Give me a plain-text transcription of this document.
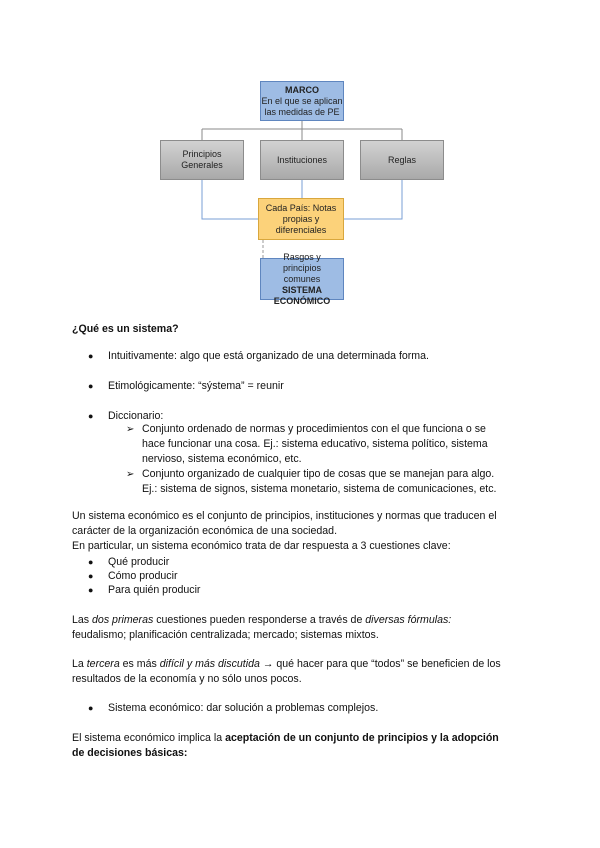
MARCO
En el que se aplican las medidas de PE
Principios Generales
Instituciones	Reglas
Cada País: Notas propias y diferenciales
Rasgos y principios comunes SISTEMA ECONÓMICO
¿Qué es un sistema?
● Intuitivamente: algo que está organizado de una determinada forma.
● Etimológicamente: “sýstema” = reunir
● Diccionario:
➢ Conjunto ordenado de normas y procedimientos con el que funciona o se
hace funcionar una cosa. Ej.: sistema educativo, sistema político, sistema
nervioso, sistema económico, etc.
➢ Conjunto organizado de cualquier tipo de cosas que se manejan para algo.
Ej.: sistema de signos, sistema monetario, sistema de comunicaciones, etc.
Un sistema económico es el conjunto de principios, instituciones y normas que traducen el
carácter de la organización económica de una sociedad.
En particular, un sistema económico trata de dar respuesta a 3 cuestiones clave:
● Qué producir
● Cómo producir
● Para quién producir
Las dos primeras cuestiones pueden responderse a través de diversas fórmulas:
feudalismo; planificación centralizada; mercado; sistemas mixtos.
La tercera es más difícil y más discutida → qué hacer para que “todos” se beneficien de los
resultados de la economía y no sólo unos pocos.
● Sistema económico: dar solución a problemas complejos.
El sistema económico implica la aceptación de un conjunto de principios y la adopción
de decisiones básicas:
